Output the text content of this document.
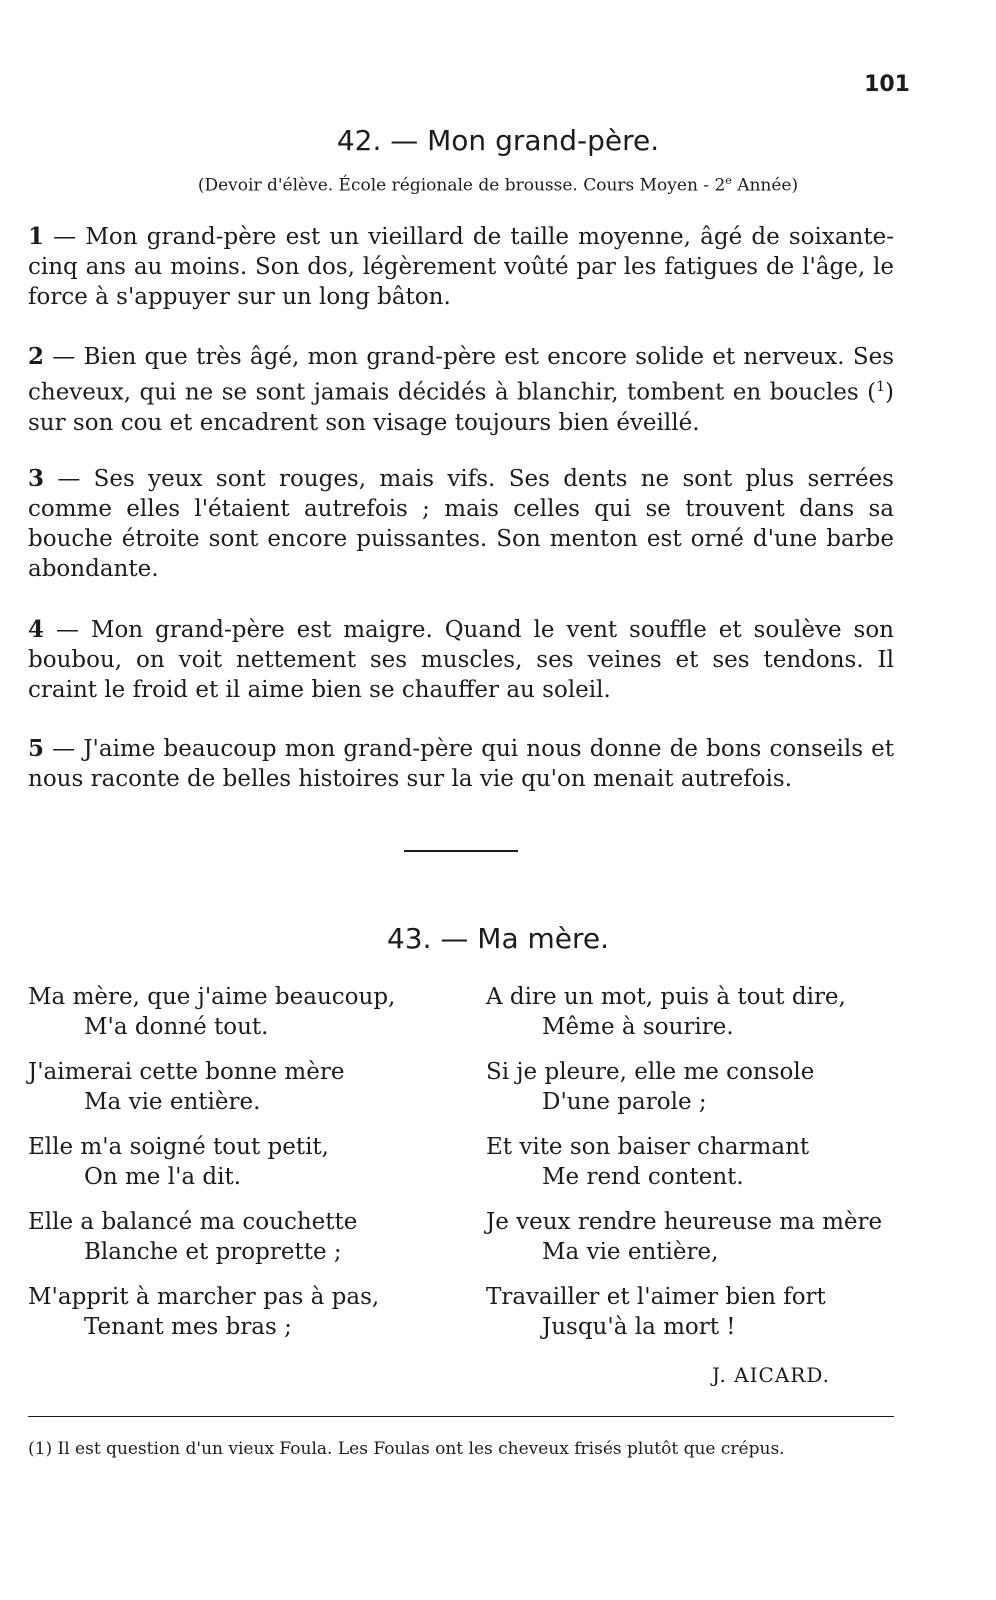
101
42. — Mon grand-père.
(Devoir d'élève. École régionale de brousse. Cours Moyen - 2e Année)

1 — Mon grand-père est un vieillard de taille moyenne, âgé de soixante-cinq ans au moins. Son dos, légèrement voûté par les fatigues de l'âge, le force à s'appuyer sur un long bâton.

2 — Bien que très âgé, mon grand-père est encore solide et nerveux. Ses cheveux, qui ne se sont jamais décidés à blanchir, tombent en boucles ($^1$) sur son cou et encadrent son visage toujours bien éveillé.

3 — Ses yeux sont rouges, mais vifs. Ses dents ne sont plus serrées comme elles l'étaient autrefois ; mais celles qui se trouvent dans sa bouche étroite sont encore puissantes. Son menton est orné d'une barbe abondante.

4 — Mon grand-père est maigre. Quand le vent souffle et soulève son boubou, on voit nettement ses muscles, ses veines et ses tendons. Il craint le froid et il aime bien se chauffer au soleil.

5 — J'aime beaucoup mon grand-père qui nous donne de bons conseils et nous raconte de belles histoires sur la vie qu'on menait autrefois.

43. — Ma mère.
Ma mère, que j'aime beaucoup,
M'a donné tout.
J'aimerai cette bonne mère
Ma vie entière.
Elle m'a soigné tout petit,
On me l'a dit.
Elle a balancé ma couchette
Blanche et proprette ;
M'apprit à marcher pas à pas,
Tenant mes bras ;
A dire un mot, puis à tout dire,
Même à sourire.
Si je pleure, elle me console
D'une parole ;
Et vite son baiser charmant
Me rend content.
Je veux rendre heureuse ma mère
Ma vie entière,
Travailler et l'aimer bien fort
Jusqu'à la mort !
J. AICARD.

(1) Il est question d'un vieux Foula. Les Foulas ont les cheveux frisés plutôt que crépus.
